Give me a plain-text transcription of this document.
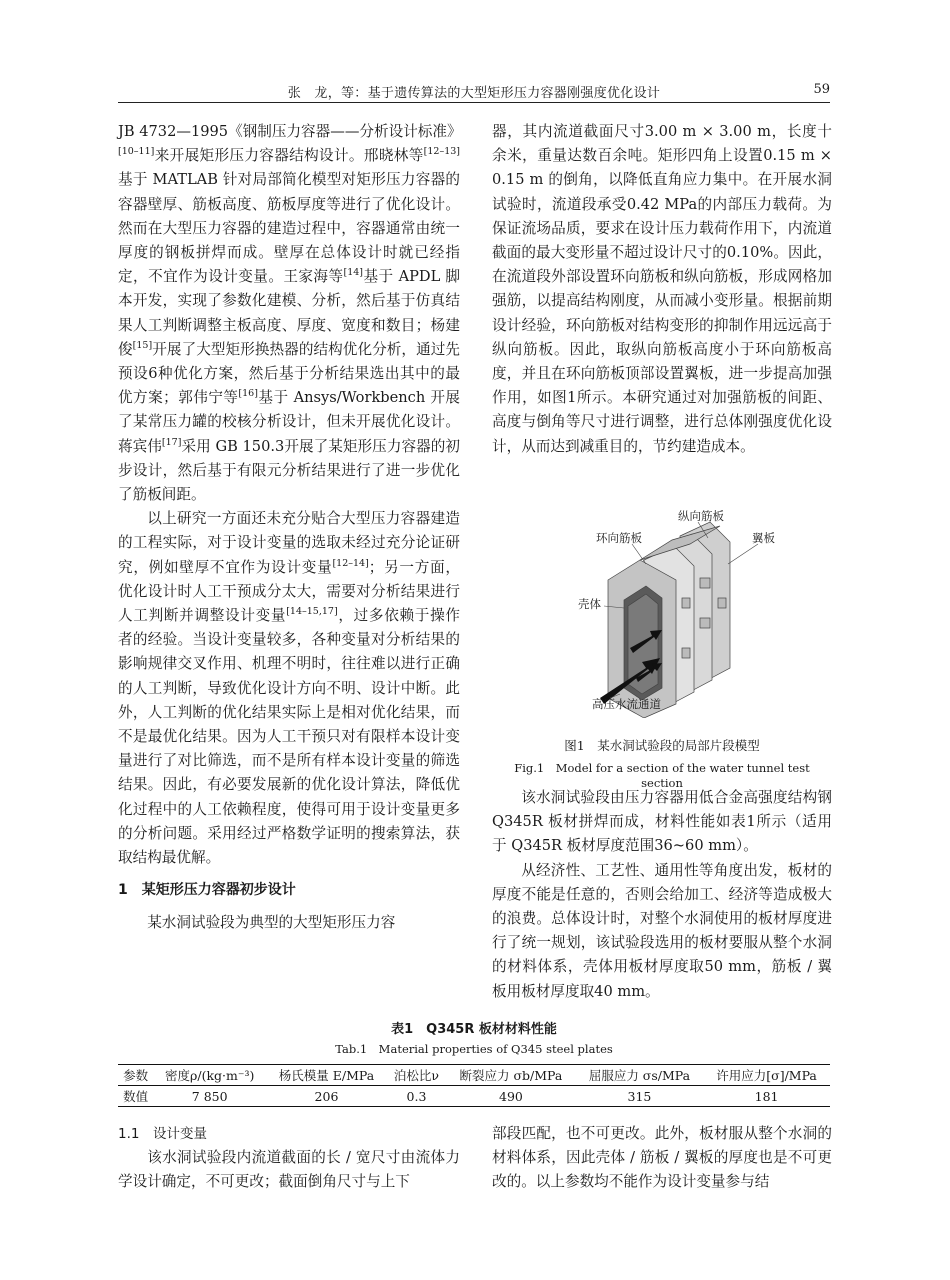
张　龙，等：基于遗传算法的大型矩形压力容器刚强度优化设计	59

JB 4732—1995《钢制压力容器——分析设计标准》[10–11]来开展矩形压力容器结构设计。邢晓林等[12–13]基于 MATLAB 针对局部简化模型对矩形压力容器的容器壁厚、筋板高度、筋板厚度等进行了优化设计。然而在大型压力容器的建造过程中，容器通常由统一厚度的钢板拼焊而成。壁厚在总体设计时就已经指定，不宜作为设计变量。王家海等[14]基于 APDL 脚本开发，实现了参数化建模、分析，然后基于仿真结果人工判断调整主板高度、厚度、宽度和数目；杨建俊[15]开展了大型矩形换热器的结构优化分析，通过先预设6种优化方案，然后基于分析结果选出其中的最优方案；郭伟宁等[16]基于 Ansys/Workbench 开展了某常压力罐的校核分析设计，但未开展优化设计。蒋宾伟[17]采用 GB 150.3开展了某矩形压力容器的初步设计，然后基于有限元分析结果进行了进一步优化了筋板间距。

以上研究一方面还未充分贴合大型压力容器建造的工程实际，对于设计变量的选取未经过充分论证研究，例如壁厚不宜作为设计变量[12–14]；另一方面，优化设计时人工干预成分太大，需要对分析结果进行人工判断并调整设计变量[14–15,17]，过多依赖于操作者的经验。当设计变量较多，各种变量对分析结果的影响规律交叉作用、机理不明时，往往难以进行正确的人工判断，导致优化设计方向不明、设计中断。此外，人工判断的优化结果实际上是相对优化结果，而不是最优化结果。因为人工干预只对有限样本设计变量进行了对比筛选，而不是所有样本设计变量的筛选结果。因此，有必要发展新的优化设计算法，降低优化过程中的人工依赖程度，使得可用于设计变量更多的分析问题。采用经过严格数学证明的搜索算法，获取结构最优解。

1　某矩形压力容器初步设计

某水洞试验段为典型的大型矩形压力容

器，其内流道截面尺寸3.00 m × 3.00 m，长度十余米，重量达数百余吨。矩形四角上设置0.15 m × 0.15 m 的倒角，以降低直角应力集中。在开展水洞试验时，流道段承受0.42 MPa的内部压力载荷。为保证流场品质，要求在设计压力载荷作用下，内流道截面的最大变形量不超过设计尺寸的0.10%。因此，在流道段外部设置环向筋板和纵向筋板，形成网格加强筋，以提高结构刚度，从而减小变形量。根据前期设计经验，环向筋板对结构变形的抑制作用远远高于纵向筋板。因此，取纵向筋板高度小于环向筋板高度，并且在环向筋板顶部设置翼板，进一步提高加强作用，如图1所示。本研究通过对加强筋板的间距、高度与倒角等尺寸进行调整，进行总体刚强度优化设计，从而达到减重目的，节约建造成本。

纵向筋板
环向筋板	翼板
壳体
高压水流通道
图1　某水洞试验段的局部片段模型
Fig.1　Model for a section of the water tunnel test section

该水洞试验段由压力容器用低合金高强度结构钢 Q345R 板材拼焊而成，材料性能如表1所示（适用于 Q345R 板材厚度范围36~60 mm）。

从经济性、工艺性、通用性等角度出发，板材的厚度不能是任意的，否则会给加工、经济等造成极大的浪费。总体设计时，对整个水洞使用的板材厚度进行了统一规划，该试验段选用的板材要服从整个水洞的材料体系，壳体用板材厚度取50 mm，筋板 / 翼板用板材厚度取40 mm。

表1　 Q345R 板材材料性能
Tab.1　Material properties of Q345 steel plates
参数	密度ρ/(kg·m⁻³)	杨氏模量 E/MPa	泊松比ν	断裂应力 σb/MPa	屈服应力 σs/MPa	许用应力[σ]/MPa
数值	7 850	206	0.3	490	315	181
1.1　设计变量

该水洞试验段内流道截面的长 / 宽尺寸由流体力学设计确定，不可更改；截面倒角尺寸与上下

部段匹配，也不可更改。此外，板材服从整个水洞的材料体系，因此壳体 / 筋板 / 翼板的厚度也是不可更改的。以上参数均不能作为设计变量参与结
